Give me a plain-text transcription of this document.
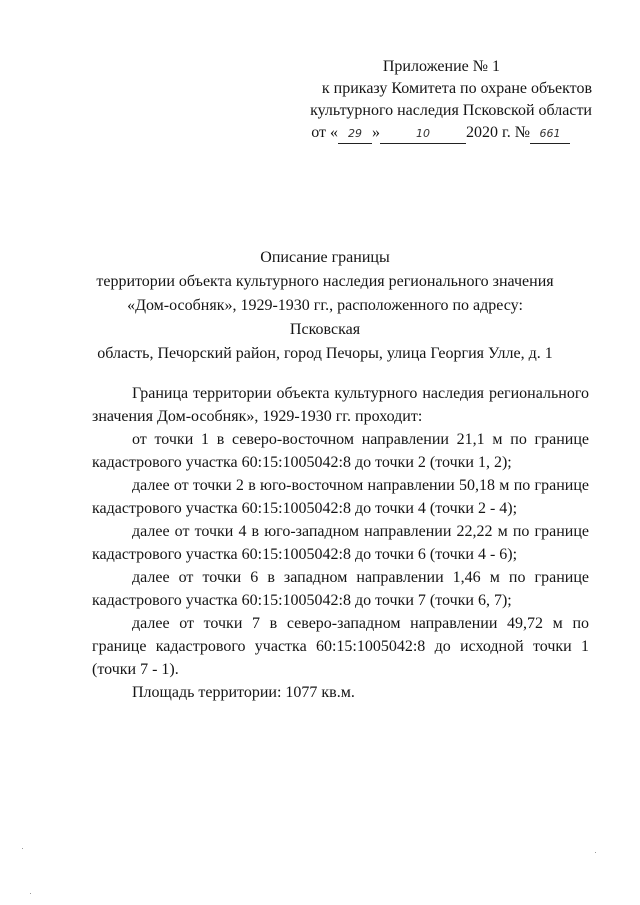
Приложение № 1
к приказу Комитета по охране объектов
культурного наследия Псковской области
от « 29 »	10	2020 г. № 661
Описание границы
территории объекта культурного наследия регионального значения
«Дом-особняк», 1929-1930 гг., расположенного по адресу: Псковская
область, Печорский район, город Печоры, улица Георгия Улле, д. 1

Граница территории объекта культурного наследия регионального значения Дом-особняк», 1929-1930 гг. проходит:

от точки 1 в северо-восточном направлении 21,1 м по границе кадастрового участка 60:15:1005042:8 до точки 2 (точки 1, 2);

далее от точки 2 в юго-восточном направлении 50,18 м по границе кадастрового участка 60:15:1005042:8 до точки 4 (точки 2 - 4);

далее от точки 4 в юго-западном направлении 22,22 м по границе кадастрового участка 60:15:1005042:8 до точки 6 (точки 4 - 6);

далее от точки 6 в западном направлении 1,46 м по границе кадастрового участка 60:15:1005042:8 до точки 7 (точки 6, 7);

далее от точки 7 в северо-западном направлении 49,72 м по границе кадастрового участка 60:15:1005042:8 до исходной точки 1 (точки 7 - 1).

Площадь территории: 1077 кв.м.
